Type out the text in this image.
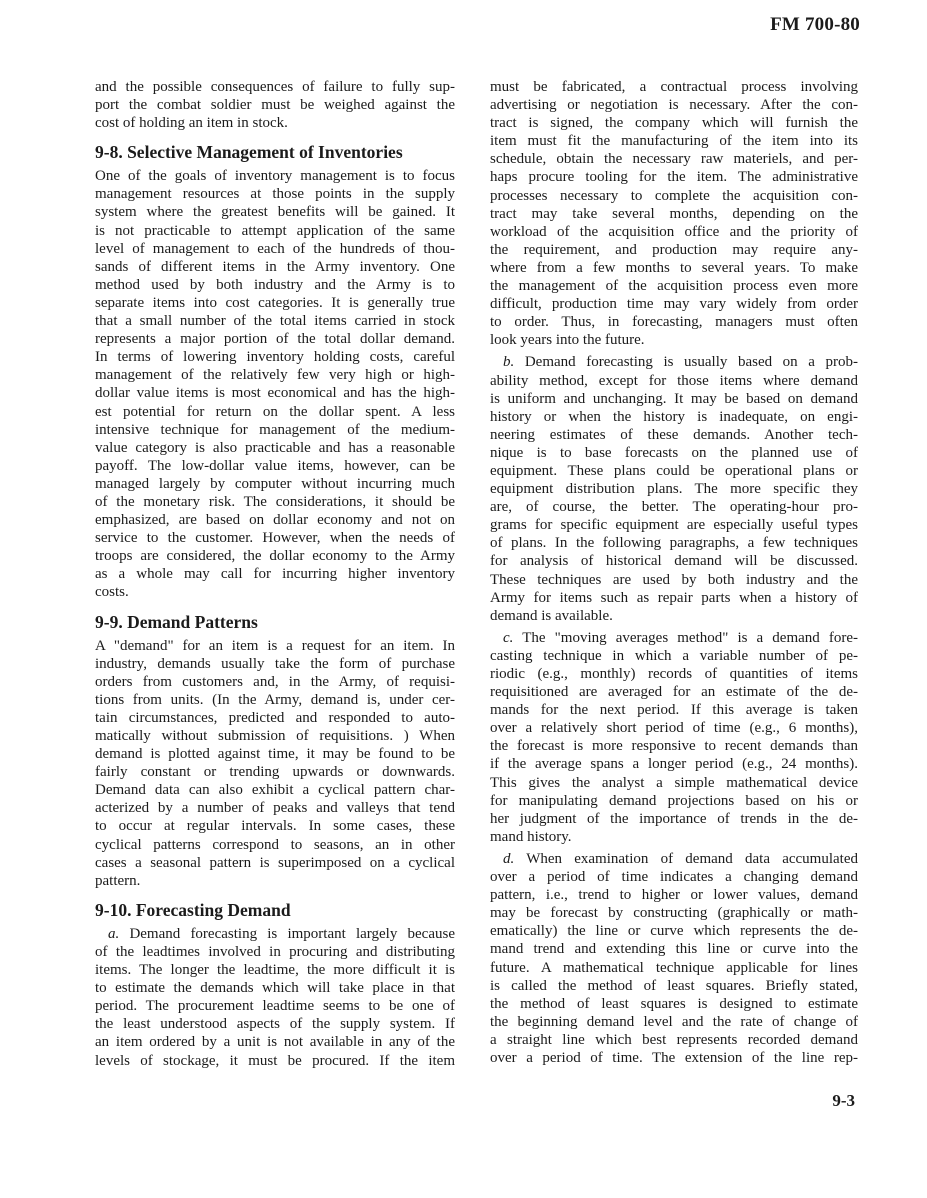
FM 700-80
and the possible consequences of failure to fully sup-
port the combat soldier must be weighed against the
cost of holding an item in stock.
9-8. Selective Management of Inventories
One of the goals of inventory management is to focus
management resources at those points in the supply
system where the greatest benefits will be gained. It
is not practicable to attempt application of the same
level of management to each of the hundreds of thou-
sands of different items in the Army inventory. One
method used by both industry and the Army is to
separate items into cost categories. It is generally true
that a small number of the total items carried in stock
represents a major portion of the total dollar demand.
In terms of lowering inventory holding costs, careful
management of the relatively few very high or high-
dollar value items is most economical and has the high-
est potential for return on the dollar spent. A less
intensive technique for management of the medium-
value category is also practicable and has a reasonable
payoff. The low-dollar value items, however, can be
managed largely by computer without incurring much
of the monetary risk. The considerations, it should be
emphasized, are based on dollar economy and not on
service to the customer. However, when the needs of
troops are considered, the dollar economy to the Army
as a whole may call for incurring higher inventory
costs.
9-9. Demand Patterns
A "demand" for an item is a request for an item. In
industry, demands usually take the form of purchase
orders from customers and, in the Army, of requisi-
tions from units. (In the Army, demand is, under cer-
tain circumstances, predicted and responded to auto-
matically without submission of requisitions. ) When
demand is plotted against time, it may be found to be
fairly constant or trending upwards or downwards.
Demand data can also exhibit a cyclical pattern char-
acterized by a number of peaks and valleys that tend
to occur at regular intervals. In some cases, these
cyclical patterns correspond to seasons, an in other
cases a seasonal pattern is superimposed on a cyclical
pattern.
9-10. Forecasting Demand
a. Demand forecasting is important largely because
of the leadtimes involved in procuring and distributing
items. The longer the leadtime, the more difficult it is
to estimate the demands which will take place in that
period. The procurement leadtime seems to be one of
the least understood aspects of the supply system. If
an item ordered by a unit is not available in any of the
levels of stockage, it must be procured. If the item
must be fabricated, a contractual process involving
advertising or negotiation is necessary. After the con-
tract is signed, the company which will furnish the
item must fit the manufacturing of the item into its
schedule, obtain the necessary raw materiels, and per-
haps procure tooling for the item. The administrative
processes necessary to complete the acquisition con-
tract may take several months, depending on the
workload of the acquisition office and the priority of
the requirement, and production may require any-
where from a few months to several years. To make
the management of the acquisition process even more
difficult, production time may vary widely from order
to order. Thus, in forecasting, managers must often
look years into the future.
b. Demand forecasting is usually based on a prob-
ability method, except for those items where demand
is uniform and unchanging. It may be based on demand
history or when the history is inadequate, on engi-
neering estimates of these demands. Another tech-
nique is to base forecasts on the planned use of
equipment. These plans could be operational plans or
equipment distribution plans. The more specific they
are, of course, the better. The operating-hour pro-
grams for specific equipment are especially useful types
of plans. In the following paragraphs, a few techniques
for analysis of historical demand will be discussed.
These techniques are used by both industry and the
Army for items such as repair parts when a history of
demand is available.
c. The "moving averages method" is a demand fore-
casting technique in which a variable number of pe-
riodic (e.g., monthly) records of quantities of items
requisitioned are averaged for an estimate of the de-
mands for the next period. If this average is taken
over a relatively short period of time (e.g., 6 months),
the forecast is more responsive to recent demands than
if the average spans a longer period (e.g., 24 months).
This gives the analyst a simple mathematical device
for manipulating demand projections based on his or
her judgment of the importance of trends in the de-
mand history.
d. When examination of demand data accumulated
over a period of time indicates a changing demand
pattern, i.e., trend to higher or lower values, demand
may be forecast by constructing (graphically or math-
ematically) the line or curve which represents the de-
mand trend and extending this line or curve into the
future. A mathematical technique applicable for lines
is called the method of least squares. Briefly stated,
the method of least squares is designed to estimate
the beginning demand level and the rate of change of
a straight line which best represents recorded demand
over a period of time. The extension of the line rep-
9-3
